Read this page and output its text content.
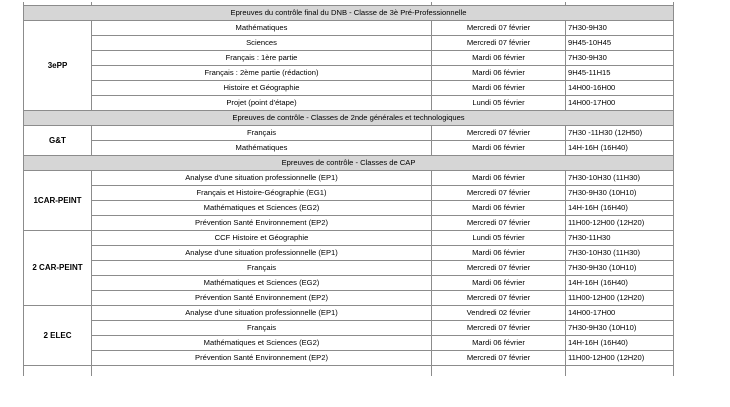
Epreuves du contrôle final du DNB - Classe de 3è Pré-Professionnelle			
3ePP	Mathématiques	Mercredi 07 février	7H30-9H30
	Sciences	Mercredi 07 février	9H45-10H45
	Français : 1ère partie	Mardi 06 février	7H30-9H30
	Français : 2ème partie (rédaction)	Mardi 06 février	9H45-11H15
	Histoire et Géographie	Mardi 06 février	14H00-16H00
	Projet (point d'étape)	Lundi 05 février	14H00-17H00
Epreuves de contrôle - Classes de 2nde générales et technologiques			
G&T	Français	Mercredi 07 février	7H30 -11H30 (12H50)
	Mathématiques	Mardi 06 février	14H-16H (16H40)
Epreuves de contrôle - Classes de CAP			
1CAR-PEINT	Analyse d'une situation professionnelle (EP1)	Mardi 06 février	7H30-10H30 (11H30)
	Français et Histoire-Géographie (EG1)	Mercredi 07 février	7H30-9H30 (10H10)
	Mathématiques et Sciences (EG2)	Mardi 06 février	14H-16H (16H40)
	Prévention Santé Environnement (EP2)	Mercredi 07 février	11H00-12H00 (12H20)
2 CAR-PEINT	CCF Histoire et Géographie	Lundi 05 février	7H30-11H30
	Analyse d'une situation professionnelle (EP1)	Mardi 06 février	7H30-10H30 (11H30)
	Français	Mercredi 07 février	7H30-9H30 (10H10)
	Mathématiques et Sciences (EG2)	Mardi 06 février	14H-16H (16H40)
	Prévention Santé Environnement (EP2)	Mercredi 07 février	11H00-12H00 (12H20)
2 ELEC	Analyse d'une situation professionnelle (EP1)	Vendredi 02 février	14H00-17H00
	Français	Mercredi 07 février	7H30-9H30 (10H10)
	Mathématiques et Sciences (EG2)	Mardi 06 février	14H-16H (16H40)
	Prévention Santé Environnement (EP2)	Mercredi 07 février	11H00-12H00 (12H20)
